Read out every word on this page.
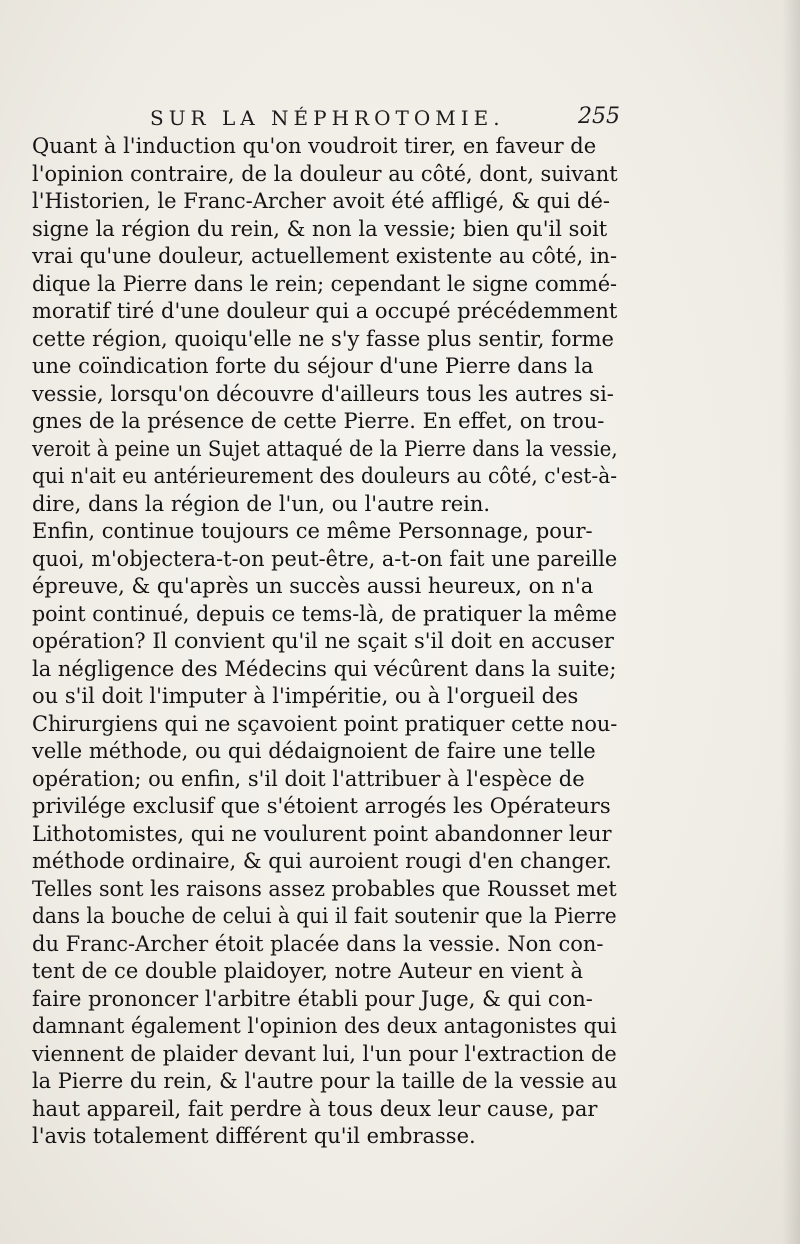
SUR LA NÉPHROTOMIE.	255
Quant à l'induction qu'on voudroit tirer, en faveur de
l'opinion contraire, de la douleur au côté, dont, suivant
l'Historien, le Franc-Archer avoit été affligé, & qui dé-
signe la région du rein, & non la vessie; bien qu'il soit
vrai qu'une douleur, actuellement existente au côté, in-
dique la Pierre dans le rein; cependant le signe commé-
moratif tiré d'une douleur qui a occupé précédemment
cette région, quoiqu'elle ne s'y fasse plus sentir, forme
une coïndication forte du séjour d'une Pierre dans la
vessie, lorsqu'on découvre d'ailleurs tous les autres si-
gnes de la présence de cette Pierre. En effet, on trou-
veroit à peine un Sujet attaqué de la Pierre dans la vessie,
qui n'ait eu antérieurement des douleurs au côté, c'est-à-
dire, dans la région de l'un, ou l'autre rein.
Enfin, continue toujours ce même Personnage, pour-
quoi, m'objectera-t-on peut-être, a-t-on fait une pareille
épreuve, & qu'après un succès aussi heureux, on n'a
point continué, depuis ce tems-là, de pratiquer la même
opération? Il convient qu'il ne sçait s'il doit en accuser
la négligence des Médecins qui vécûrent dans la suite;
ou s'il doit l'imputer à l'impéritie, ou à l'orgueil des
Chirurgiens qui ne sçavoient point pratiquer cette nou-
velle méthode, ou qui dédaignoient de faire une telle
opération; ou enfin, s'il doit l'attribuer à l'espèce de
privilége exclusif que s'étoient arrogés les Opérateurs
Lithotomistes, qui ne voulurent point abandonner leur
méthode ordinaire, & qui auroient rougi d'en changer.
Telles sont les raisons assez probables que Rousset met
dans la bouche de celui à qui il fait soutenir que la Pierre
du Franc-Archer étoit placée dans la vessie. Non con-
tent de ce double plaidoyer, notre Auteur en vient à
faire prononcer l'arbitre établi pour Juge, & qui con-
damnant également l'opinion des deux antagonistes qui
viennent de plaider devant lui, l'un pour l'extraction de
la Pierre du rein, & l'autre pour la taille de la vessie au
haut appareil, fait perdre à tous deux leur cause, par
l'avis totalement différent qu'il embrasse.
